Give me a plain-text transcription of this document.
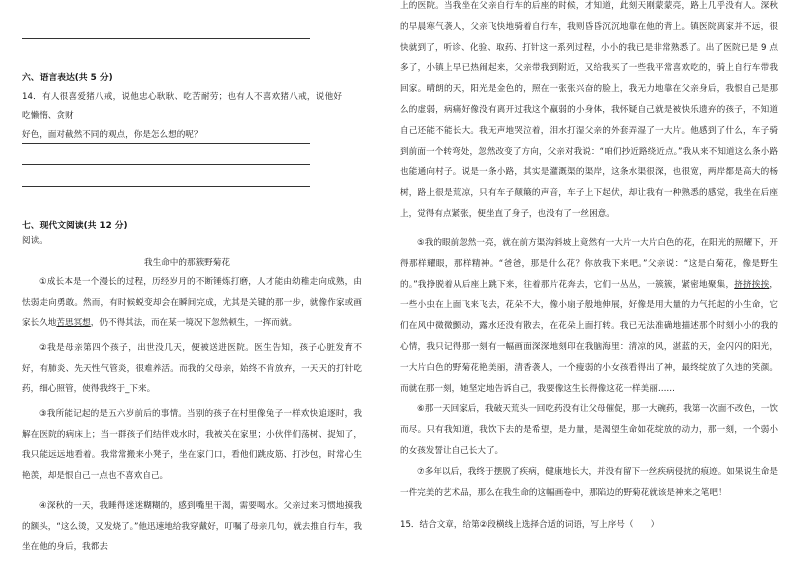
六、语言表达(共 5 分)
14．有人很喜爱猪八戒，说他忠心耿耿、吃苦耐劳；也有人不喜欢猪八戒，说他好吃懒惰、贪财
好色，面对截然不同的观点，你是怎么想的呢？
七、现代文阅读(共 12 分)
阅读。
我生命中的那簇野菊花
①成长本是一个漫长的过程，历经岁月的不断锤炼打磨，人才能由幼稚走向成熟，由怯弱走向勇敢。然而，有时候蜕变却会在瞬间完成，尤其是关键的那一步，就像作家或画家长久地苦思冥想，仍不得其法，而在某一境况下忽然顿生，一挥而就。
②我是母亲第四个孩子，出世没几天，便被送进医院。医生告知，孩子心脏发育不好，有肺炎、先天性气管炎，很难养活。而我的父母亲，始终不肯放弃，一天天的打针吃药，细心照管，使得我终于_下来。
③我所能记起的是五六岁前后的事情。当别的孩子在村里像兔子一样欢快追逐时，我解在医院的病床上；当一群孩子们结伴戏水时，我被关在家里；小伙伴们荡树、捉知了，我只能远远地看着。我常常搬来小凳子，坐在家门口，看他们跳皮筋、打沙包，时常心生艳羡，却是恨自己一点也不喜欢自己。
④深秋的一天，我睡得迷迷糊糊的，感到嘴里干渴，需要喝水。父亲过来习惯地摸我的额头，“这么烫，又发烧了。”他迅速地给我穿戴好，叮嘱了母亲几句，就去推自行车，我坐在他的身后，我都去
上的医院。当我坐在父亲自行车的后座的时候，才知道，此刻天刚蒙蒙亮，路上几乎没有人。深秋的早晨寒气袭人，父亲飞快地骑着自行车，我则昏昏沉沉地靠在他的背上。镇医院离家并不远，很快就到了，听诊、化验、取药、打针这一系列过程，小小的我已是非常熟悉了。出了医院已是 9 点多了，小镇上早已热闹起来，父亲带我到附近，又给我买了一些我平常喜欢吃的，骑上自行车带我回家。晴朗的天，阳光是金色的，照在一张张兴奋的脸上，我无力地靠在父亲身后，我恨自己是那么的虚弱，病痛好像没有离开过我这个羸弱的小身体，我怀疑自己就是被快乐遗弃的孩子，不知道自己还能不能长大。我无声地哭泣着，泪水打湿父亲的外套弄湿了一大片。他感到了什么，车子骑到前面一个转弯处，忽然改变了方向，父亲对我说：“咱们抄近路绕近点。”我从来不知道这么条小路也能通向村子。说是一条小路，其实是灌溉渠的渠岸，这条水渠很深，也很宽，两岸都是高大的杨树，路上很是荒凉，只有车子颠簸的声音，车子上下起伏，却让我有一种熟悉的感觉，我坐在后座上，觉得有点紧张，便坐直了身子，也没有了一丝困意。
⑤我的眼前忽然一亮，就在前方渠沟斜坡上竟然有一大片一大片白色的花，在阳光的照耀下，开得那样耀眼，那样精神。“爸爸，那是什么花？你放我下来吧。”父亲说：“这是白菊花，像是野生的。”我挣脱着从后座上跳下来，往着那片花奔去，它们一丛丛，一簇簇，紧密地聚集，挤挤挨挨，一些小虫在上面飞来飞去，花朵不大，像小扇子般地伸展，好像是用大量的力气托起的小生命，它们在风中微微颤动，露水还没有散去，在花朵上面打转。我已无法准确地描述那个时刻小小的我的心情，我只记得那一刻有一幅画面深深地刻印在我脑海里：清凉的风，湛蓝的天，金闪闪的阳光，一大片白色的野菊花艳美丽，清香袭人，一个瘦弱的小女孩看得出了神，最终绽放了久违的笑颜。而就在那一刻，她坚定地告诉自己，我要像这生长得像这花一样美丽……
⑥那一天回家后，我破天荒头一回吃药没有让父母催促，那一大碗药，我第一次面不改色，一饮而尽。只有我知道，我饮下去的是希望，是力量，是渴望生命如花绽放的动力，那一刻，一个弱小的女孩发誓让自己长大了。
⑦多年以后，我终于摆脱了疾病，健康地长大，并没有留下一丝疾病侵扰的痕迹。如果说生命是一件完美的艺术品，那么在我生命的这幅画卷中，那陷边的野菊花就该是神来之笔吧！
15．结合文章，给第②段横线上选择合适的词语，写上序号（　　）
